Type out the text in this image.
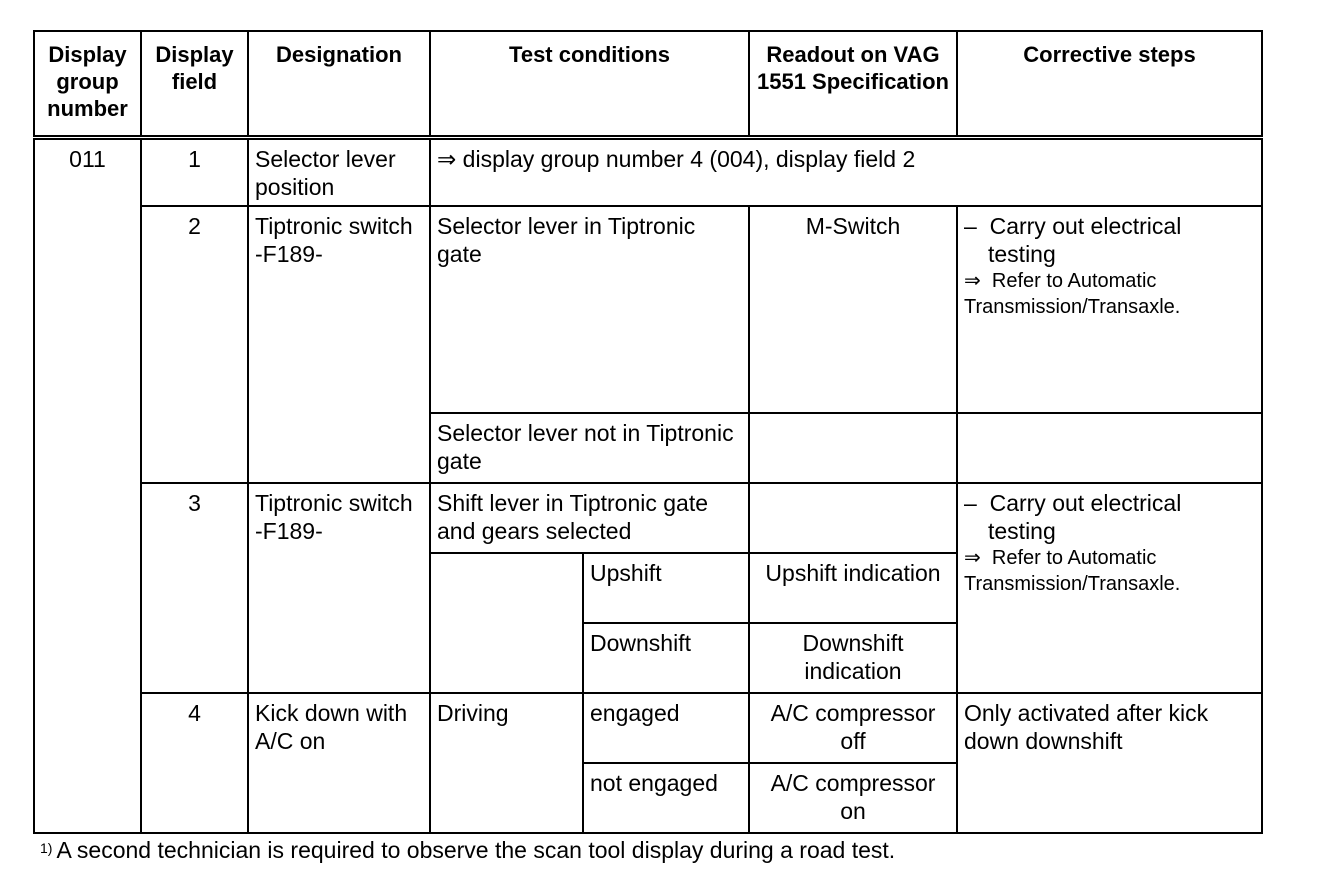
Display group number	Display field	Designation	Test conditions		Readout on VAG 1551 Specification	Corrective steps
011	1	Selector lever position	⇒ display group number 4 (004), display field 2			
	2	Tiptronic switch -F189-	Selector lever in Tiptronic gate		M-Switch	– Carry out electrical testing
⇒ Refer to Automatic Transmission/Transaxle.

			Selector lever not in Tiptronic gate			
	3	Tiptronic switch -F189-	Shift lever in Tiptronic gate and gears selected			– Carry out electrical testing
⇒ Refer to Automatic Transmission/Transaxle.

				Upshift	Upshift indication	
				Downshift	Downshift indication	
	4	Kick down with A/C on	Driving	engaged	A/C compressor off	Only activated after kick down downshift
				not engaged	A/C compressor on	
$^{1)}$ A second technician is required to observe the scan tool display during a road test.
